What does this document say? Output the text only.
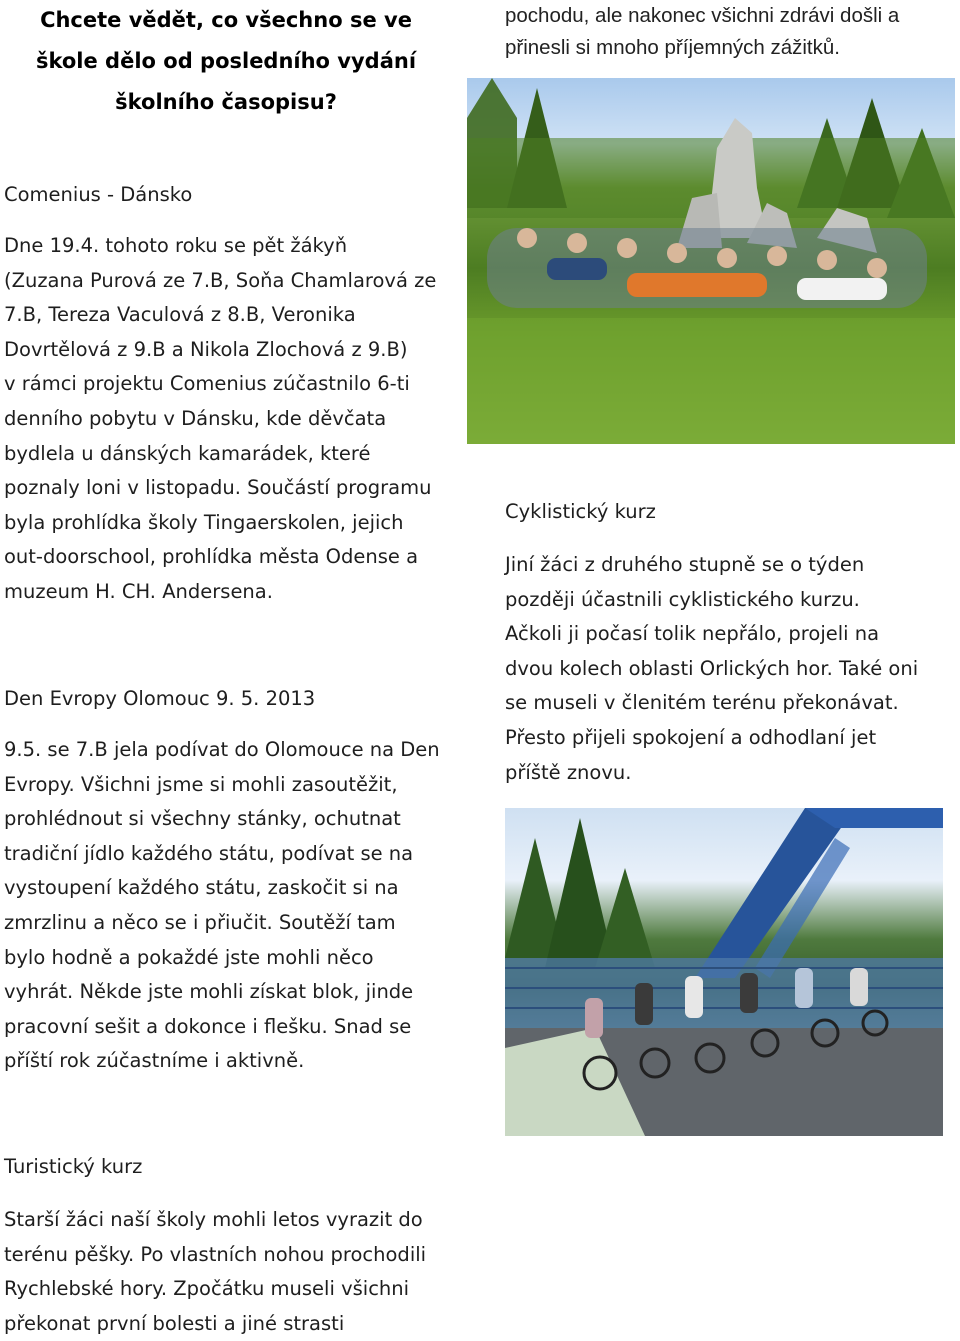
Chcete vědět, co všechno se ve
škole dělo od posledního vydání
školního časopisu?
Comenius - Dánsko
Dne 19.4. tohoto roku se pět žákyň
(Zuzana Purová ze 7.B, Soňa Chamlarová ze
7.B, Tereza Vaculová z 8.B, Veronika
Dovrtělová z 9.B a Nikola Zlochová z 9.B)
v rámci projektu Comenius zúčastnilo 6-ti
denního pobytu v Dánsku, kde děvčata
bydlela u dánských kamarádek, které
poznaly loni v listopadu. Součástí programu
byla prohlídka školy Tingaerskolen, jejich
out-doorschool, prohlídka města Odense a
muzeum H. CH. Andersena.
Den Evropy Olomouc 9. 5. 2013
9.5. se 7.B jela podívat do Olomouce na Den
Evropy. Všichni jsme si mohli zasoutěžit,
prohlédnout si všechny stánky, ochutnat
tradiční jídlo každého státu, podívat se na
vystoupení každého státu, zaskočit si na
zmrzlinu a něco se i přiučit. Soutěží tam
bylo hodně a pokaždé jste mohli něco
vyhrát. Někde jste mohli získat blok, jinde
pracovní sešit a dokonce i flešku. Snad se
příští rok zúčastníme i aktivně.
Turistický kurz
Starší žáci naší školy mohli letos vyrazit do
terénu pěšky. Po vlastních nohou prochodili
Rychlebské hory. Zpočátku museli všichni
překonat první bolesti a jiné strasti
pochodu, ale nakonec všichni zdrávi došli a
přinesli si mnoho příjemných zážitků.
Cyklistický kurz
Jiní žáci z druhého stupně se o týden
později účastnili cyklistického kurzu.
Ačkoli ji počasí tolik nepřálo, projeli na
dvou kolech oblasti Orlických hor. Také oni
se museli v členitém terénu překonávat.
Přesto přijeli spokojení a odhodlaní jet
příště znovu.
